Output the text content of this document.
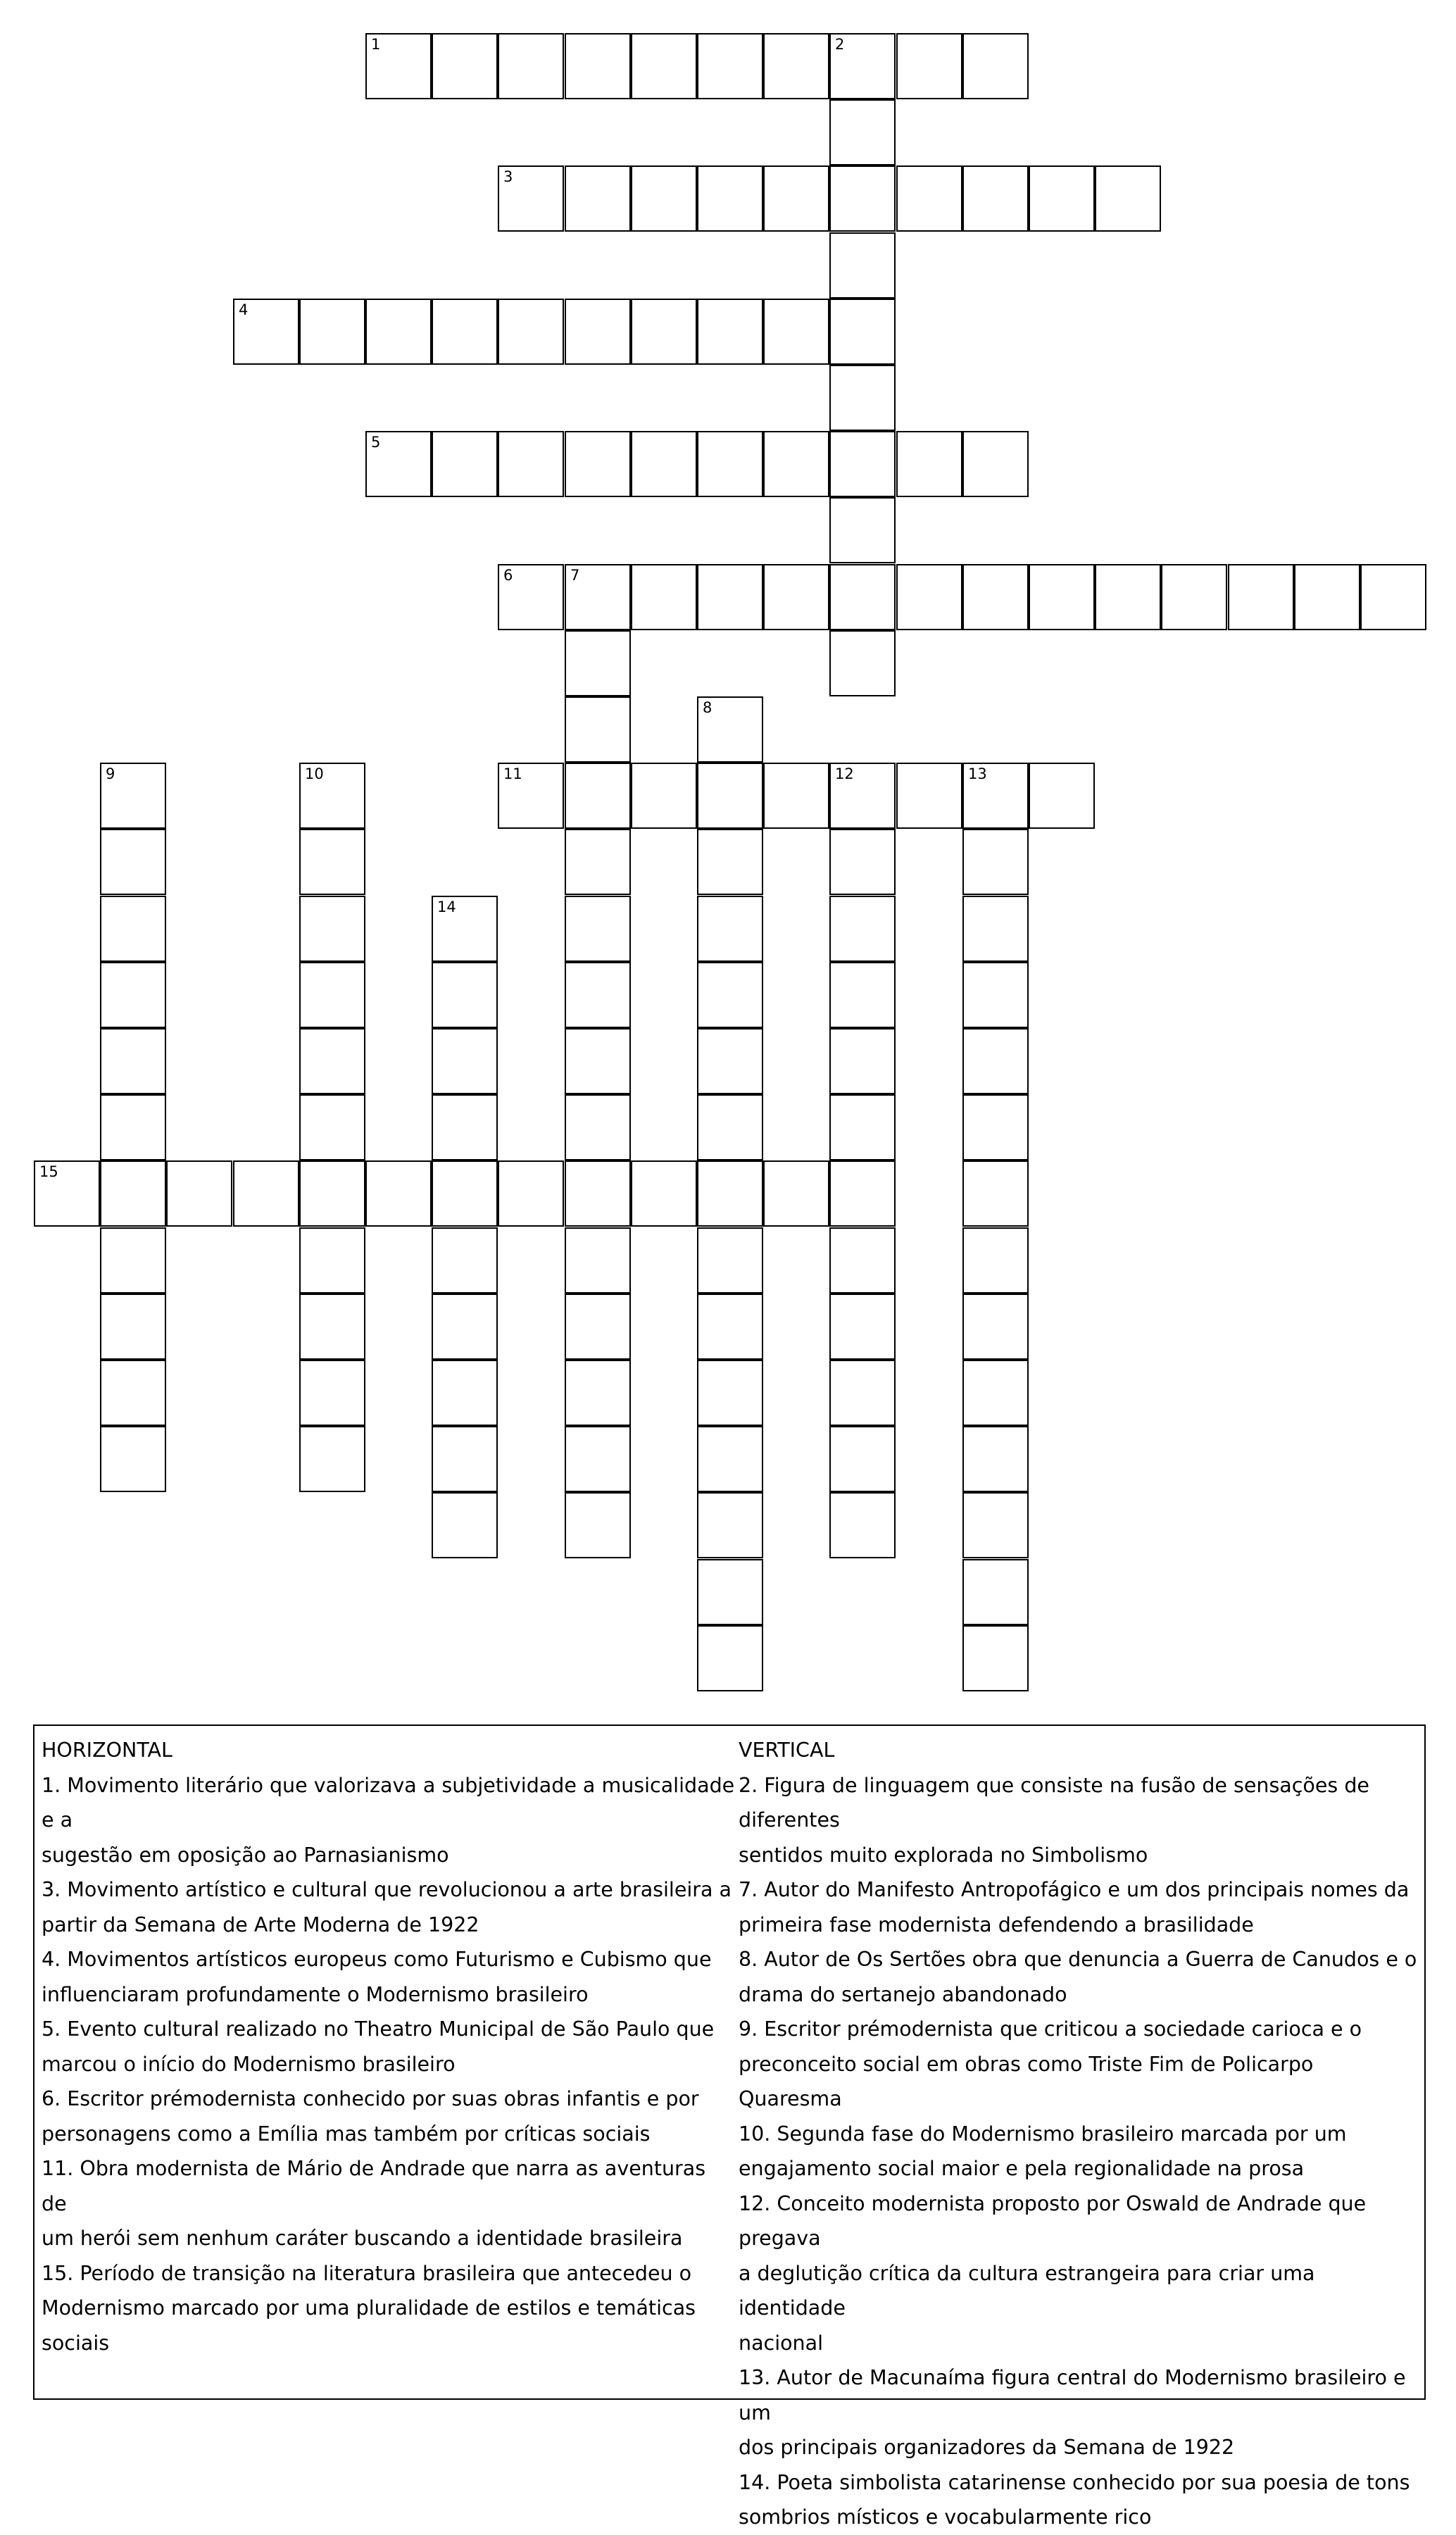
1	2
3
4
5
6	7
8
9	10	11	12	13
14
15

HORIZONTAL

1. Movimento literário que valorizava a subjetividade a musicalidade e a

sugestão em oposição ao Parnasianismo

3. Movimento artístico e cultural que revolucionou a arte brasileira a

partir da Semana de Arte Moderna de 1922

4. Movimentos artísticos europeus como Futurismo e Cubismo que

influenciaram profundamente o Modernismo brasileiro

5. Evento cultural realizado no Theatro Municipal de São Paulo que

marcou o início do Modernismo brasileiro

6. Escritor prémodernista conhecido por suas obras infantis e por

personagens como a Emília mas também por críticas sociais

11. Obra modernista de Mário de Andrade que narra as aventuras de

um herói sem nenhum caráter buscando a identidade brasileira

15. Período de transição na literatura brasileira que antecedeu o

Modernismo marcado por uma pluralidade de estilos e temáticas sociais

VERTICAL

2. Figura de linguagem que consiste na fusão de sensações de diferentes

sentidos muito explorada no Simbolismo

7. Autor do Manifesto Antropofágico e um dos principais nomes da

primeira fase modernista defendendo a brasilidade

8. Autor de Os Sertões obra que denuncia a Guerra de Canudos e o

drama do sertanejo abandonado

9. Escritor prémodernista que criticou a sociedade carioca e o

preconceito social em obras como Triste Fim de Policarpo Quaresma

10. Segunda fase do Modernismo brasileiro marcada por um

engajamento social maior e pela regionalidade na prosa

12. Conceito modernista proposto por Oswald de Andrade que pregava

a deglutição crítica da cultura estrangeira para criar uma identidade

nacional

13. Autor de Macunaíma figura central do Modernismo brasileiro e um

dos principais organizadores da Semana de 1922

14. Poeta simbolista catarinense conhecido por sua poesia de tons

sombrios místicos e vocabularmente rico
